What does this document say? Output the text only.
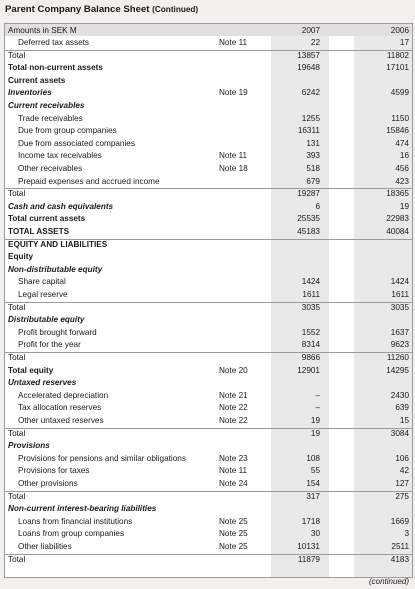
Parent Company Balance Sheet (Continued)
Amounts in SEK M	2007	2006
Deferred tax assets	Note 11	22	17
Total	13857	11802
Total non-current assets	19648	17101
Current assets
Inventories	Note 19	6242	4599
Current receivables
Trade receivables	1255	1150
Due from group companies	16311	15846
Due from associated companies	131	474
Income tax receivables	Note 11	393	16
Other receivables	Note 18	518	456
Prepaid expenses and accrued income	679	423
Total	19287	18365
Cash and cash equivalents	6	19
Total current assets	25535	22983
TOTAL ASSETS	45183	40084
EQUITY AND LIABILITIES
Equity
Non-distributable equity
Share capital	1424	1424
Legal reserve	1611	1611
Total	3035	3035
Distributable equity
Profit brought forward	1552	1637
Profit for the year	8314	9623
Total	9866	11260
Total equity	Note 20	12901	14295
Untaxed reserves
Accelerated depreciation	Note 21	–	2430
Tax allocation reserves	Note 22	–	639
Other untaxed reserves	Note 22	19	15
Total	19	3084
Provisions
Provisions for pensions and similar obligations	Note 23	108	106
Provisions for taxes	Note 11	55	42
Other provisions	Note 24	154	127
Total	317	275
Non-current interest-bearing liabilities
Loans from financial institutions	Note 25	1718	1669
Loans from group companies	Note 25	30	3
Other liabilities	Note 25	10131	2511
Total	11879	4183
(continued)
